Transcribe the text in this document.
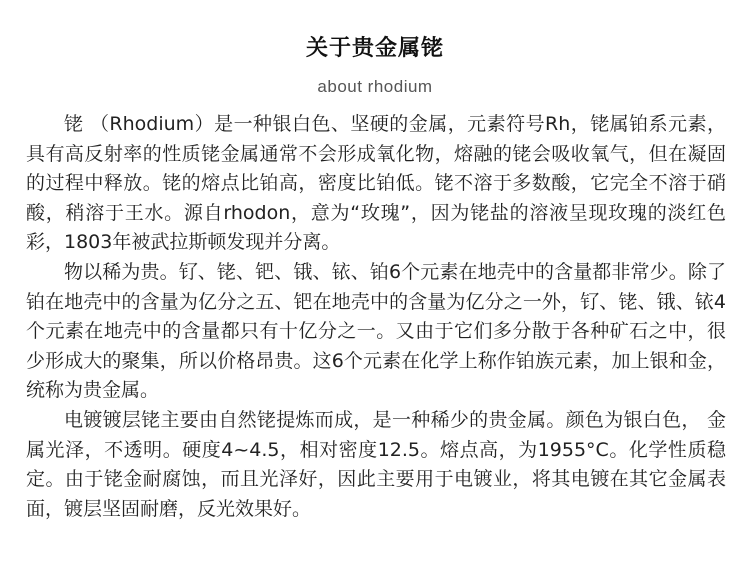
关于贵金属铑
about rhodium

铑 （Rhodium）是一种银白色、坚硬的金属，元素符号Rh，铑属铂系元素，具有高反射率的性质铑金属通常不会形成氧化物，熔融的铑会吸收氧气，但在凝固的过程中释放。铑的熔点比铂高，密度比铂低。铑不溶于多数酸，它完全不溶于硝酸，稍溶于王水。源自rhodon，意为“玫瑰”，因为铑盐的溶液呈现玫瑰的淡红色彩，1803年被武拉斯顿发现并分离。

物以稀为贵。钌、铑、钯、锇、铱、铂6个元素在地壳中的含量都非常少。除了铂在地壳中的含量为亿分之五、钯在地壳中的含量为亿分之一外，钌、铑、锇、铱4个元素在地壳中的含量都只有十亿分之一。又由于它们多分散于各种矿石之中，很少形成大的聚集，所以价格昂贵。这6个元素在化学上称作铂族元素，加上银和金，统称为贵金属。

电镀镀层铑主要由自然铑提炼而成，是一种稀少的贵金属。颜色为银白色， 金属光泽，不透明。硬度4~4.5，相对密度12.5。熔点高，为1955°C。化学性质稳定。由于铑金耐腐蚀，而且光泽好，因此主要用于电镀业，将其电镀在其它金属表面，镀层坚固耐磨，反光效果好。
